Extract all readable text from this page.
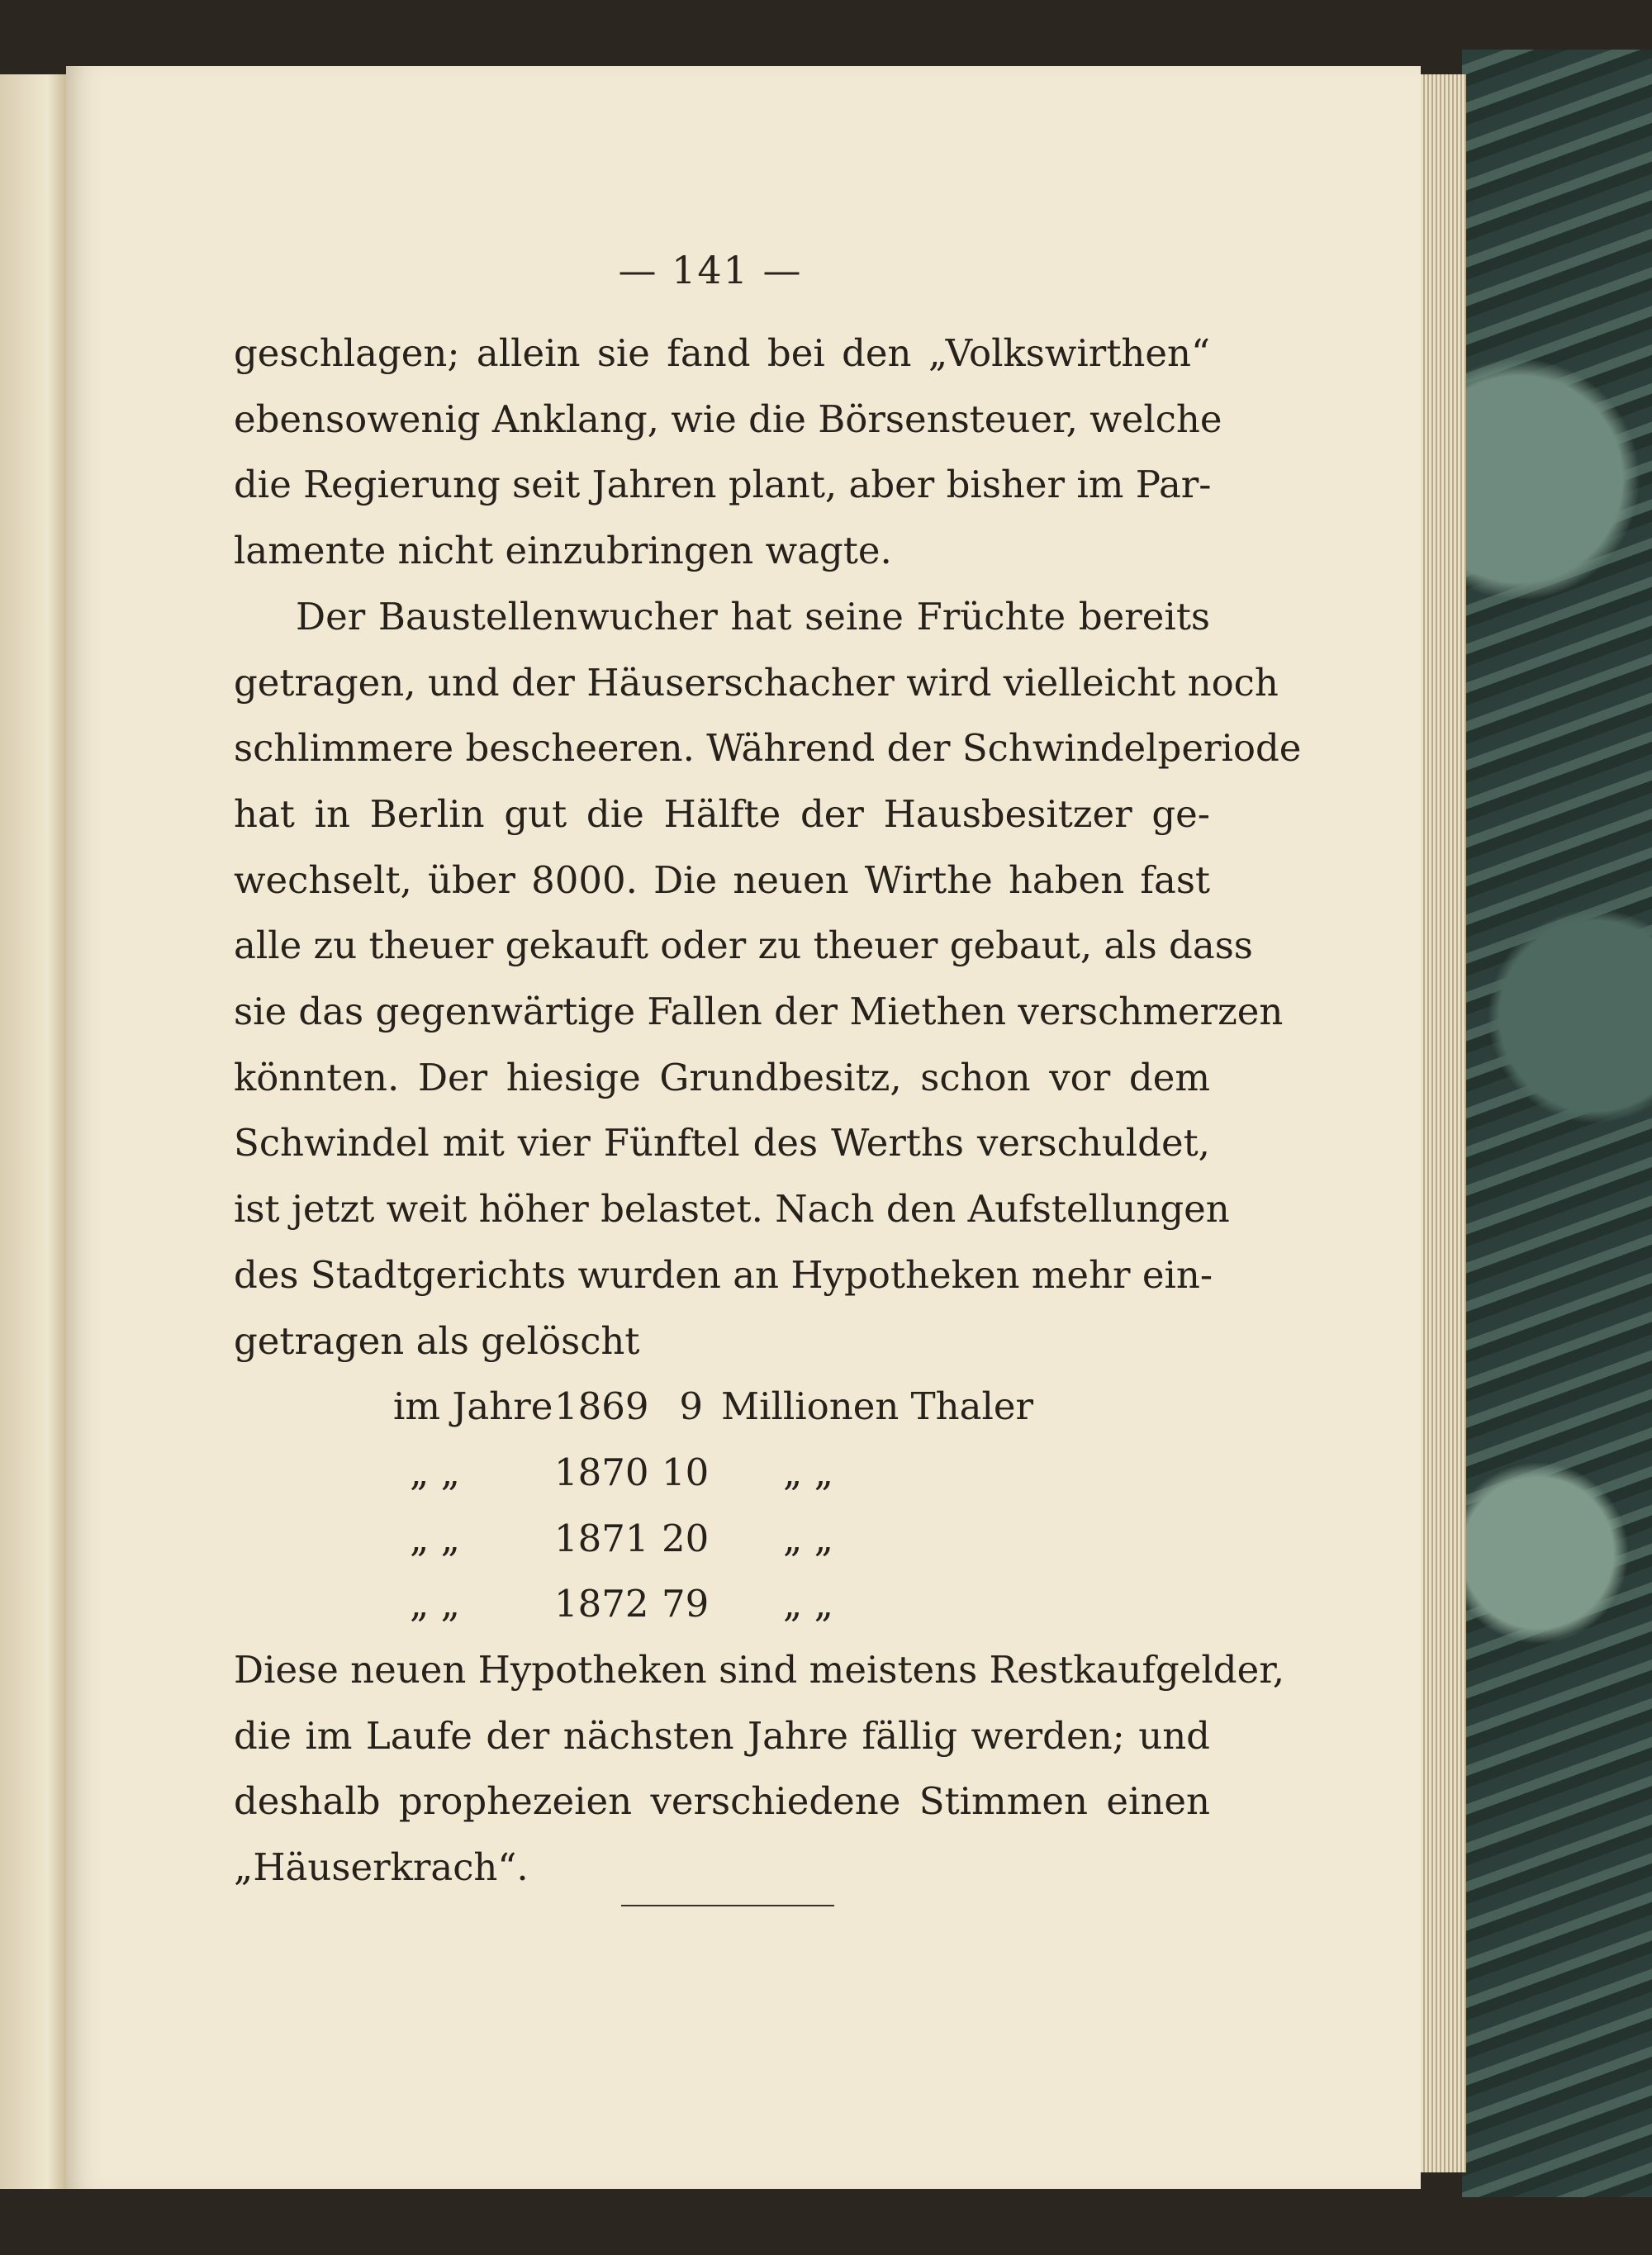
— 141 —

geschlagen; allein sie fand bei den „Volkswirthen“
ebensowenig Anklang, wie die Börsensteuer, welche
die Regierung seit Jahren plant, aber bisher im Par-
lamente nicht einzubringen wagte.

Der Baustellenwucher hat seine Früchte bereits
getragen, und der Häuserschacher wird vielleicht noch
schlimmere bescheeren. Während der Schwindelperiode
hat in Berlin gut die Hälfte der Hausbesitzer ge-
wechselt, über 8000. Die neuen Wirthe haben fast
alle zu theuer gekauft oder zu theuer gebaut, als dass
sie das gegenwärtige Fallen der Miethen verschmerzen
könnten. Der hiesige Grundbesitz, schon vor dem
Schwindel mit vier Fünftel des Werths verschuldet,
ist jetzt weit höher belastet. Nach den Aufstellungen
des Stadtgerichts wurden an Hypotheken mehr ein-
getragen als gelöscht

im Jahre 1869 9 Millionen Thaler
„ „	1870 10	„ „
„ „	1871 20	„ „
„ „	1872 79	„ „

Diese neuen Hypotheken sind meistens Restkaufgelder,
die im Laufe der nächsten Jahre fällig werden; und
deshalb prophezeien verschiedene Stimmen einen
„Häuserkrach“.
